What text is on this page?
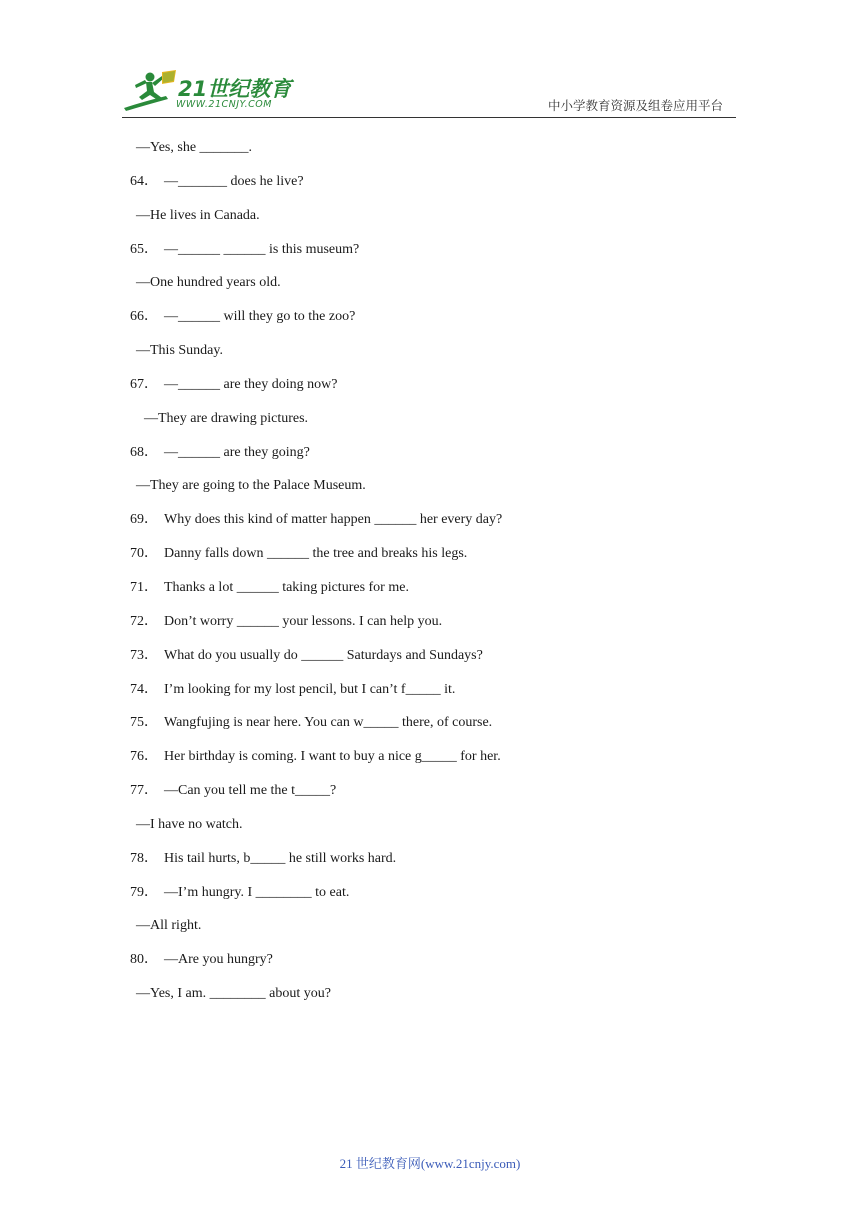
21世纪教育
WWW.21CNJY.COM	中小学教育资源及组卷应用平台
—Yes, she _______.
64． —_______ does he live?
—He lives in Canada.
65． —______ ______ is this museum?
—One hundred years old.
66． —______ will they go to the zoo?
—This Sunday.
67． —______ are they doing now?
—They are drawing pictures.
68． —______ are they going?
—They are going to the Palace Museum.
69． Why does this kind of matter happen ______ her every day?
70． Danny falls down ______ the tree and breaks his legs.
71． Thanks a lot ______ taking pictures for me.
72． Don’t worry ______ your lessons. I can help you.
73． What do you usually do ______ Saturdays and Sundays?
74． I’m looking for my lost pencil, but I can’t f_____ it.
75． Wangfujing is near here. You can w_____ there, of course.
76． Her birthday is coming. I want to buy a nice g_____ for her.
77． —Can you tell me the t_____?
—I have no watch.
78． His tail hurts, b_____ he still works hard.
79． —I’m hungry. I ________ to eat.
—All right.
80． —Are you hungry?
—Yes, I am. ________ about you?
21 世纪教育网(www.21cnjy.com)
